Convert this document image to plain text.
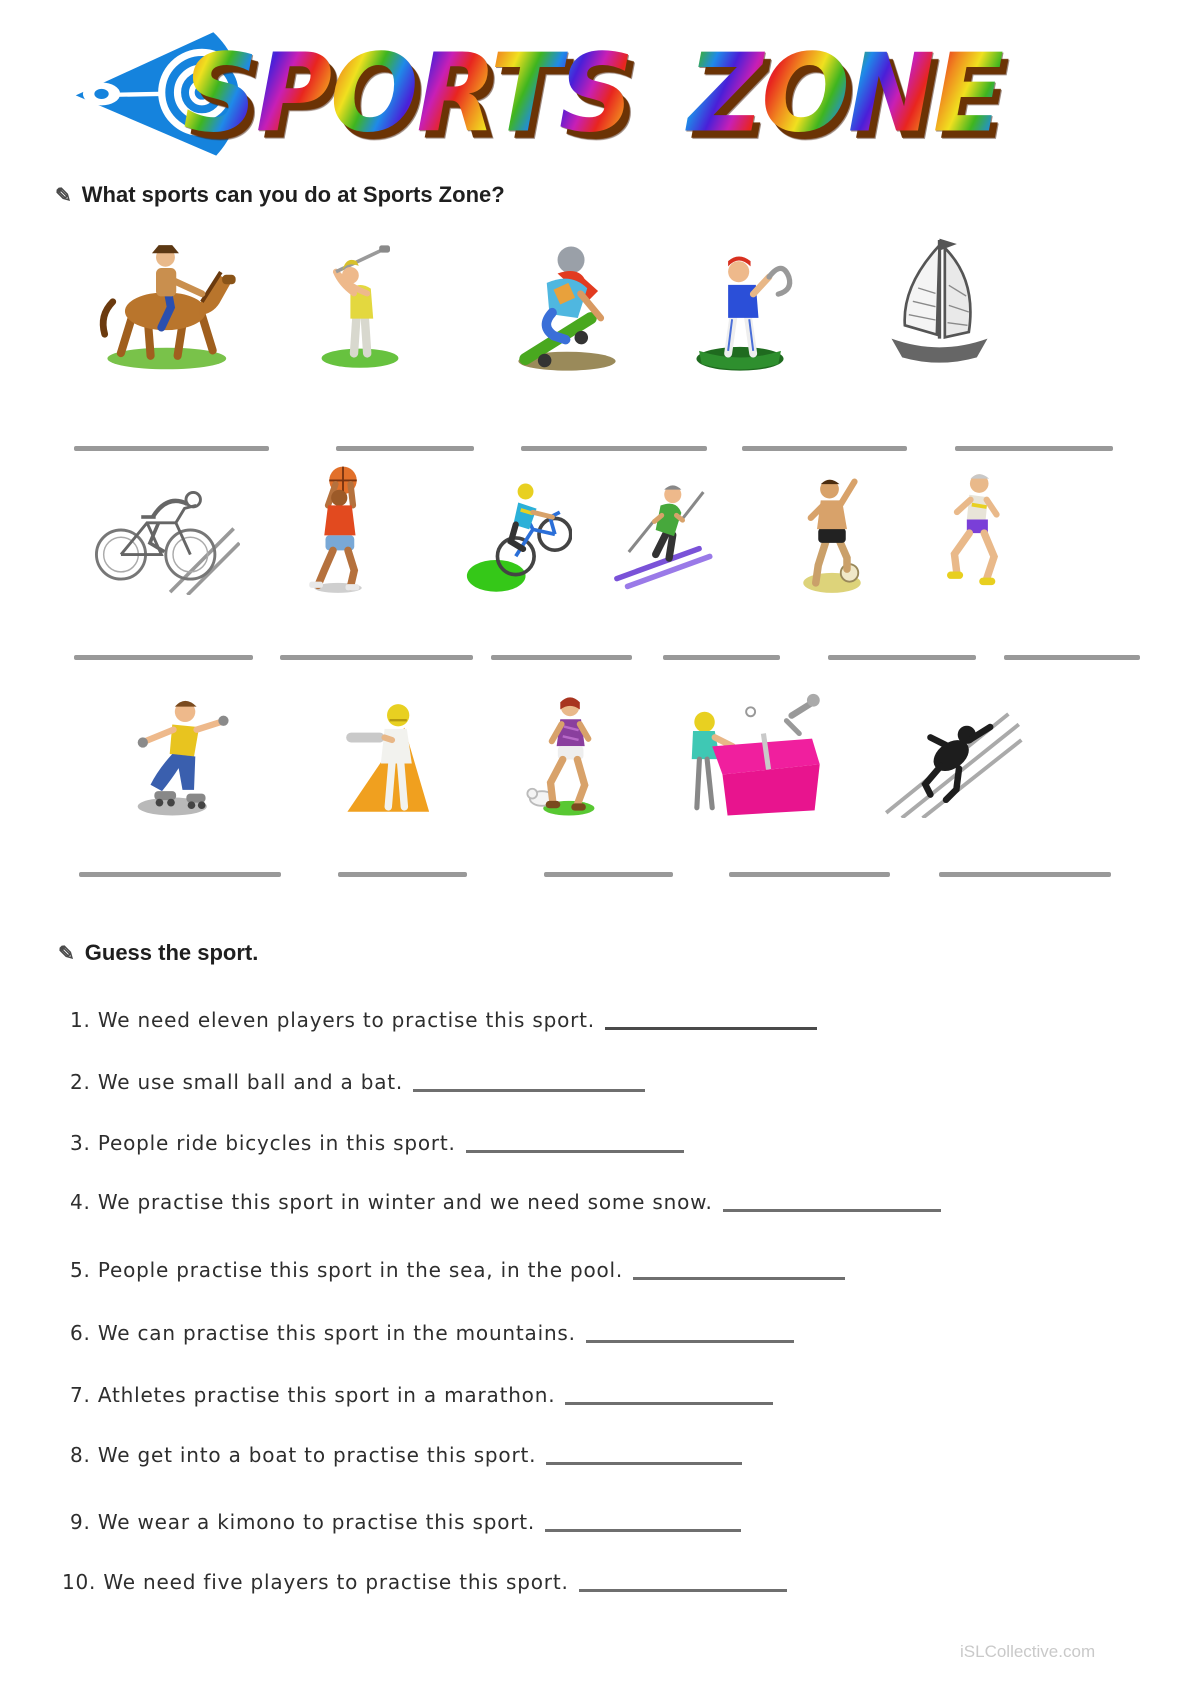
SPORTS ZONE
✎ What sports can you do at Sports Zone?
✎ Guess the sport.
1. We need eleven players to practise this sport.
2. We use small ball and a bat.
3. People ride bicycles in this sport.
4. We practise this sport in winter and we need some snow.
5. People practise this sport in the sea, in the pool.
6. We can practise this sport in the mountains.
7. Athletes practise this sport in a marathon.
8. We get into a boat to practise this sport.
9. We wear a kimono to practise this sport.
10. We need five players to practise this sport.
iSLCollective.com
